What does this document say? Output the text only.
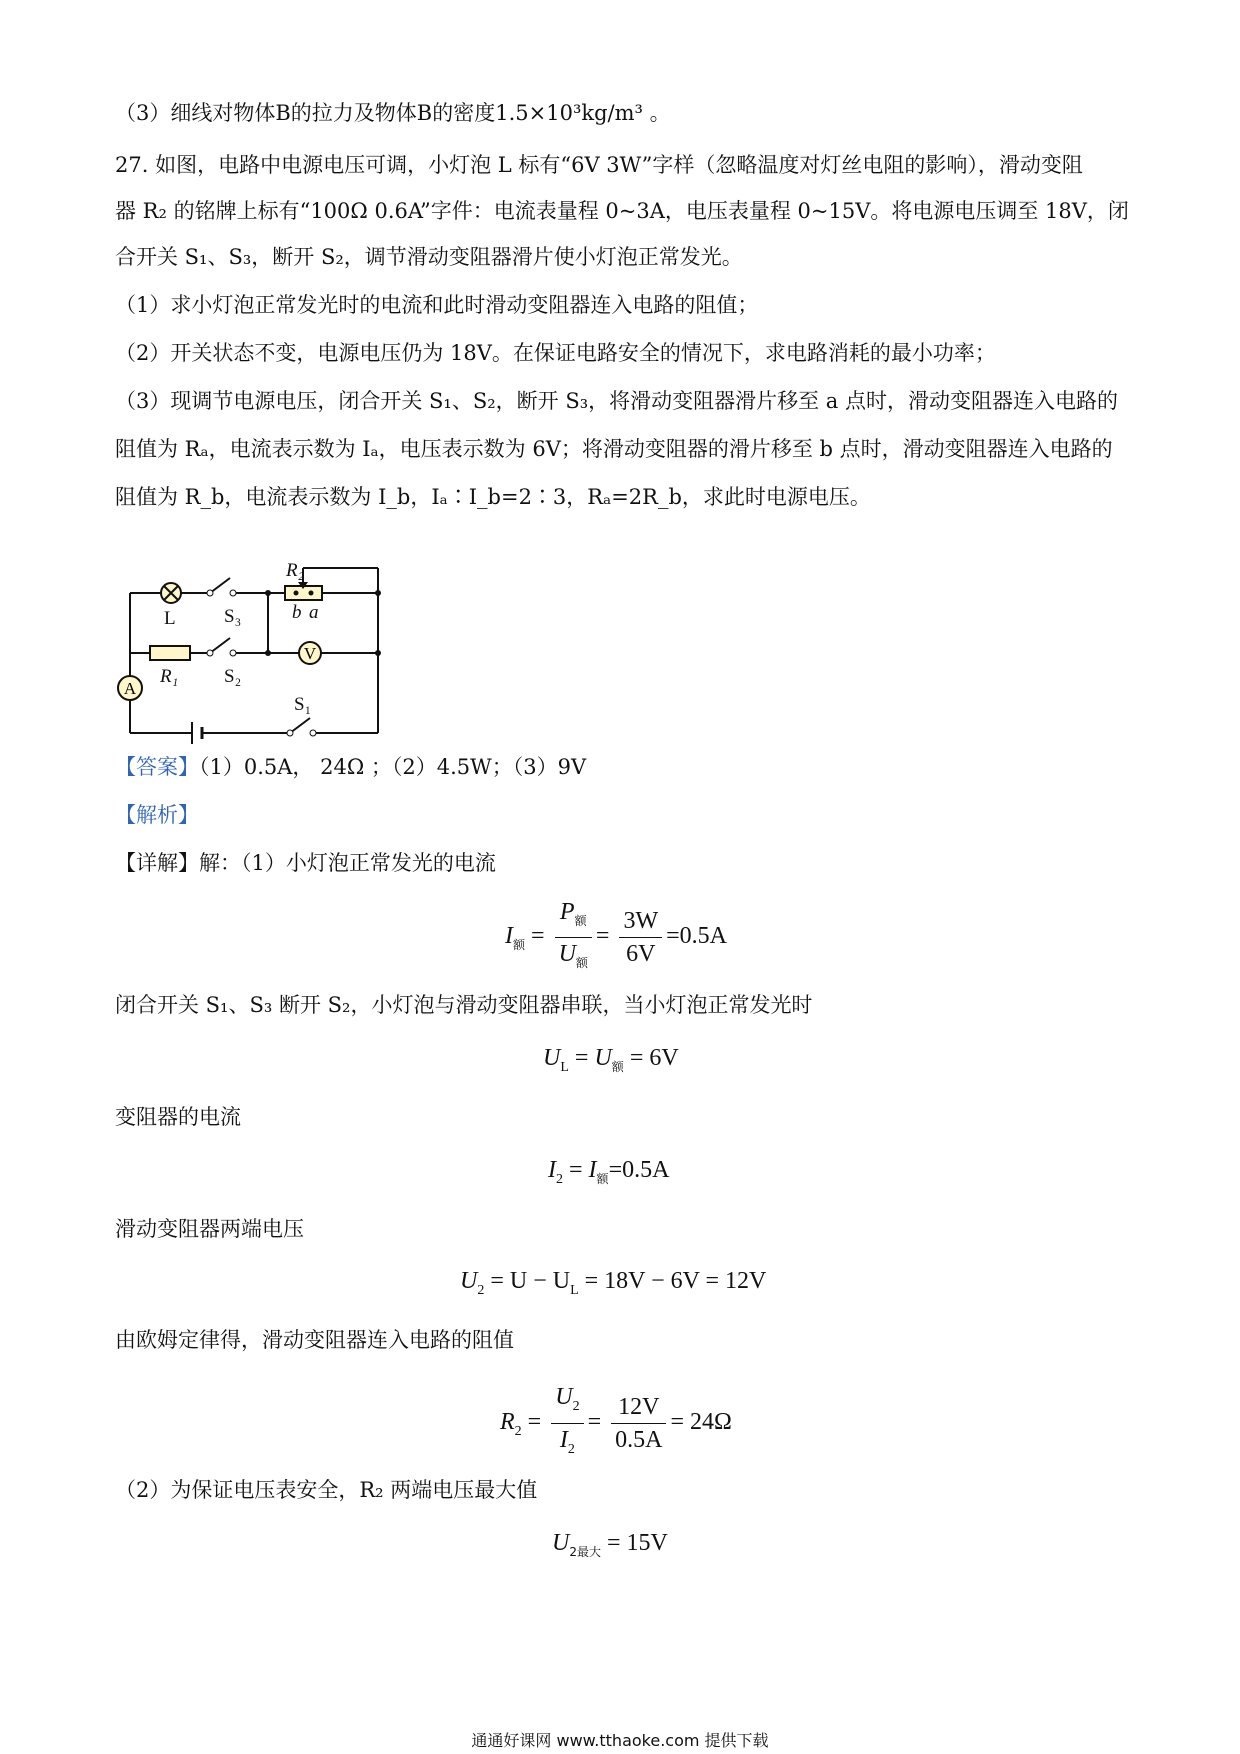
（3）细线对物体B的拉力及物体B的密度1.5×10³kg/m³ 。
27. 如图，电路中电源电压可调，小灯泡 L 标有“6V 3W”字样（忽略温度对灯丝电阻的影响），滑动变阻
器 R₂ 的铭牌上标有“100Ω 0.6A”字件：电流表量程 0~3A，电压表量程 0~15V。将电源电压调至 18V，闭
合开关 S₁、S₃，断开 S₂，调节滑动变阻器滑片使小灯泡正常发光。
（1）求小灯泡正常发光时的电流和此时滑动变阻器连入电路的阻值；
（2）开关状态不变，电源电压仍为 18V。在保证电路安全的情况下，求电路消耗的最小功率；
（3）现调节电源电压，闭合开关 S₁、S₂，断开 S₃，将滑动变阻器滑片移至 a 点时，滑动变阻器连入电路的
阻值为 Rₐ，电流表示数为 Iₐ，电压表示数为 6V；将滑动变阻器的滑片移至 b 点时，滑动变阻器连入电路的
阻值为 R_b，电流表示数为 I_b，Iₐ∶I_b=2∶3，Rₐ=2R_b，求此时电源电压。
V
A
L	S₃
R₂
b a
R₁ S₂
S₁
【答案】（1）0.5A， 24Ω ；（2）4.5W；（3）9V
【解析】
【详解】解：（1）小灯泡正常发光的电流
$I_额 = \frac{P_额}{U_额} = \frac{3W}{6V} =0.5A$
闭合开关 S₁、S₃ 断开 S₂，小灯泡与滑动变阻器串联，当小灯泡正常发光时
$U_L = U_额 = 6V$
变阻器的电流
$I_2 = I_额=0.5A$
滑动变阻器两端电压
$U_2 = U - U_L = 18V - 6V = 12V$
由欧姆定律得，滑动变阻器连入电路的阻值
$R_2 = \frac{U_2}{I_2} = \frac{12V}{0.5A} = 24\Omega$
（2）为保证电压表安全，R₂ 两端电压最大值
$U_{2最大} = 15V$
通通好课网 www.tthaoke.com 提供下载
